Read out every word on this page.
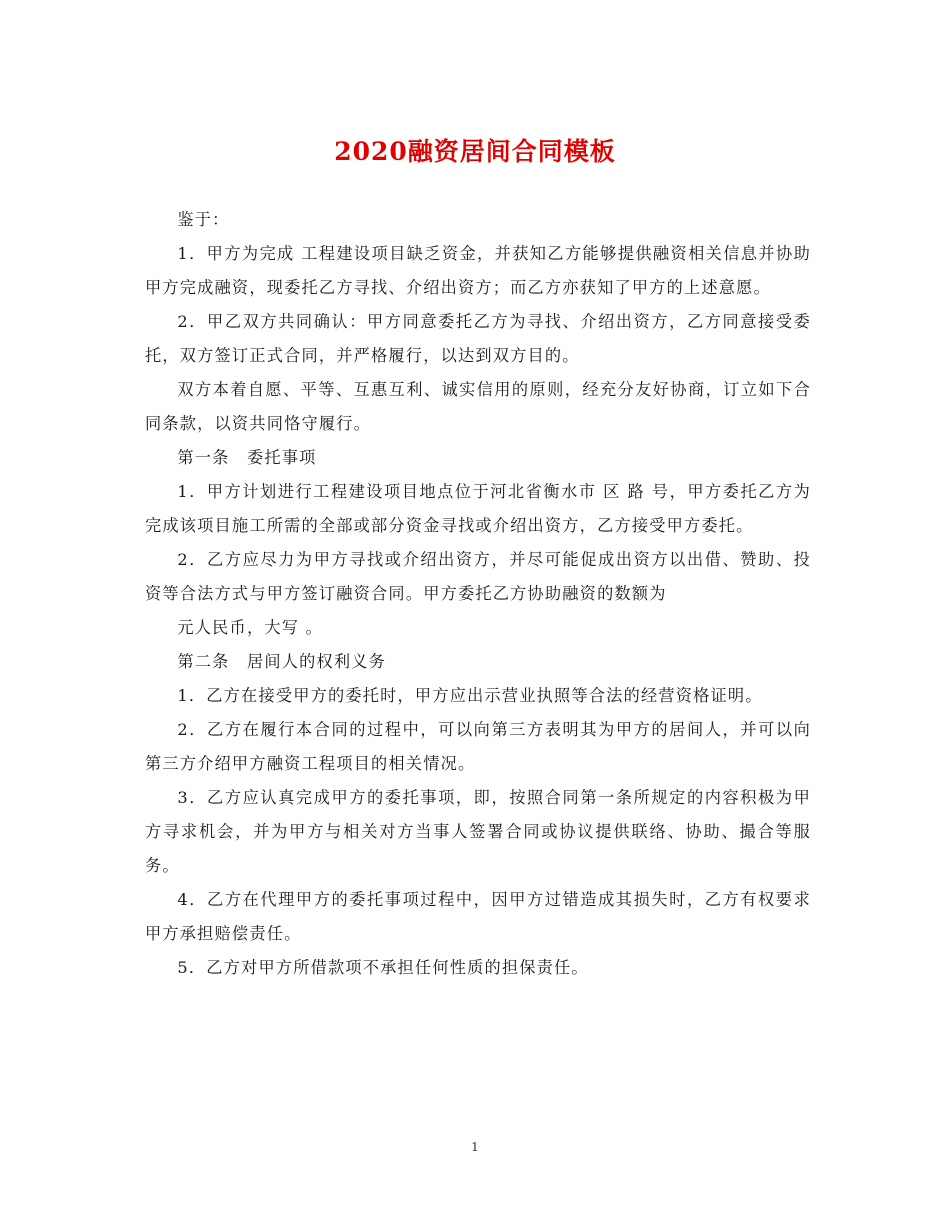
2020融资居间合同模板

鉴于：

1．甲方为完成 工程建设项目缺乏资金，并获知乙方能够提供融资相关信息并协助甲方完成融资，现委托乙方寻找、介绍出资方；而乙方亦获知了甲方的上述意愿。

2．甲乙双方共同确认：甲方同意委托乙方为寻找、介绍出资方，乙方同意接受委托，双方签订正式合同，并严格履行，以达到双方目的。

双方本着自愿、平等、互惠互利、诚实信用的原则，经充分友好协商，订立如下合同条款，以资共同恪守履行。

第一条　委托事项

1．甲方计划进行工程建设项目地点位于河北省衡水市 区 路 号，甲方委托乙方为完成该项目施工所需的全部或部分资金寻找或介绍出资方，乙方接受甲方委托。

2．乙方应尽力为甲方寻找或介绍出资方，并尽可能促成出资方以出借、赞助、投资等合法方式与甲方签订融资合同。甲方委托乙方协助融资的数额为

元人民币，大写 。

第二条　居间人的权利义务

1．乙方在接受甲方的委托时，甲方应出示营业执照等合法的经营资格证明。

2．乙方在履行本合同的过程中，可以向第三方表明其为甲方的居间人，并可以向第三方介绍甲方融资工程项目的相关情况。

3．乙方应认真完成甲方的委托事项，即，按照合同第一条所规定的内容积极为甲方寻求机会，并为甲方与相关对方当事人签署合同或协议提供联络、协助、撮合等服务。

4．乙方在代理甲方的委托事项过程中，因甲方过错造成其损失时，乙方有权要求甲方承担赔偿责任。

5．乙方对甲方所借款项不承担任何性质的担保责任。

1
